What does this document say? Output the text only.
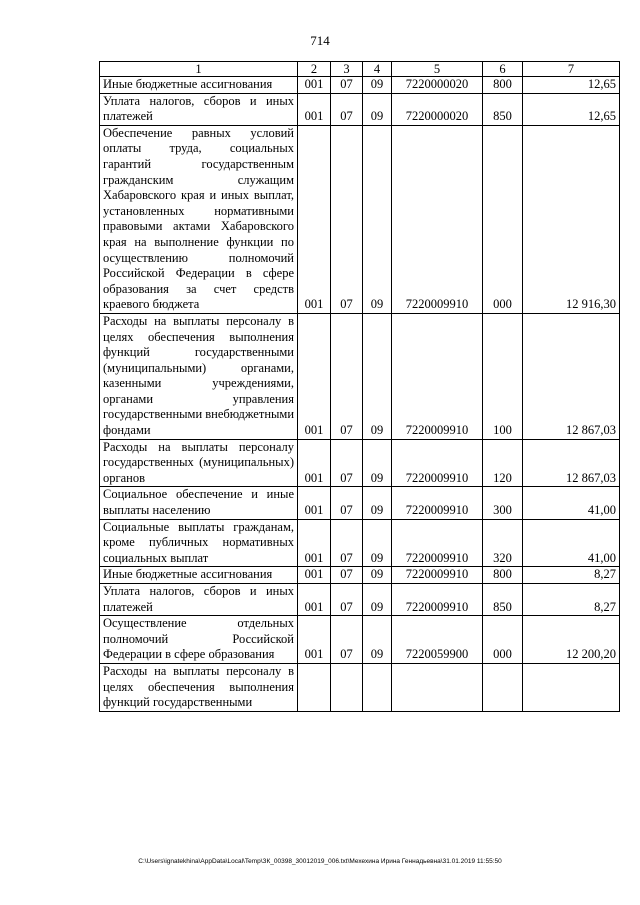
714
1	2	3	4	5	6	7
Иные бюджетные ассигнования	001	07	09	7220000020	800	12,65
Уплата налогов, сборов и иных платежей	001	07	09	7220000020	850	12,65
Обеспечение равных условий оплаты труда, социальных гарантий государственным гражданским служащим Хабаровского края и иных выплат, установленных нормативными правовыми актами Хабаровского края на выполнение функции по осуществлению полномочий Российской Федерации в сфере образования за счет средств краевого бюджета	001	07	09	7220009910	000	12 916,30
Расходы на выплаты персоналу в целях обеспечения выполнения функций государственными (муниципальными) органами, казенными учреждениями, органами управления государственными внебюджетными фондами	001	07	09	7220009910	100	12 867,03
Расходы на выплаты персоналу государственных (муниципальных) органов	001	07	09	7220009910	120	12 867,03
Социальное обеспечение и иные выплаты населению	001	07	09	7220009910	300	41,00
Социальные выплаты гражданам, кроме публичных нормативных социальных выплат	001	07	09	7220009910	320	41,00
Иные бюджетные ассигнования	001	07	09	7220009910	800	8,27
Уплата налогов, сборов и иных платежей	001	07	09	7220009910	850	8,27
Осуществление отдельных полномочий Российской Федерации в сфере образования	001	07	09	7220059900	000	12 200,20
Расходы на выплаты персоналу в целях обеспечения выполнения функций государственными						
C:\Users\ignatekhina\AppData\Local\Temp\ЗК_00398_30012019_006.txt\Мехехинa Ирина Геннадьевна\31.01.2019 11:55:50
